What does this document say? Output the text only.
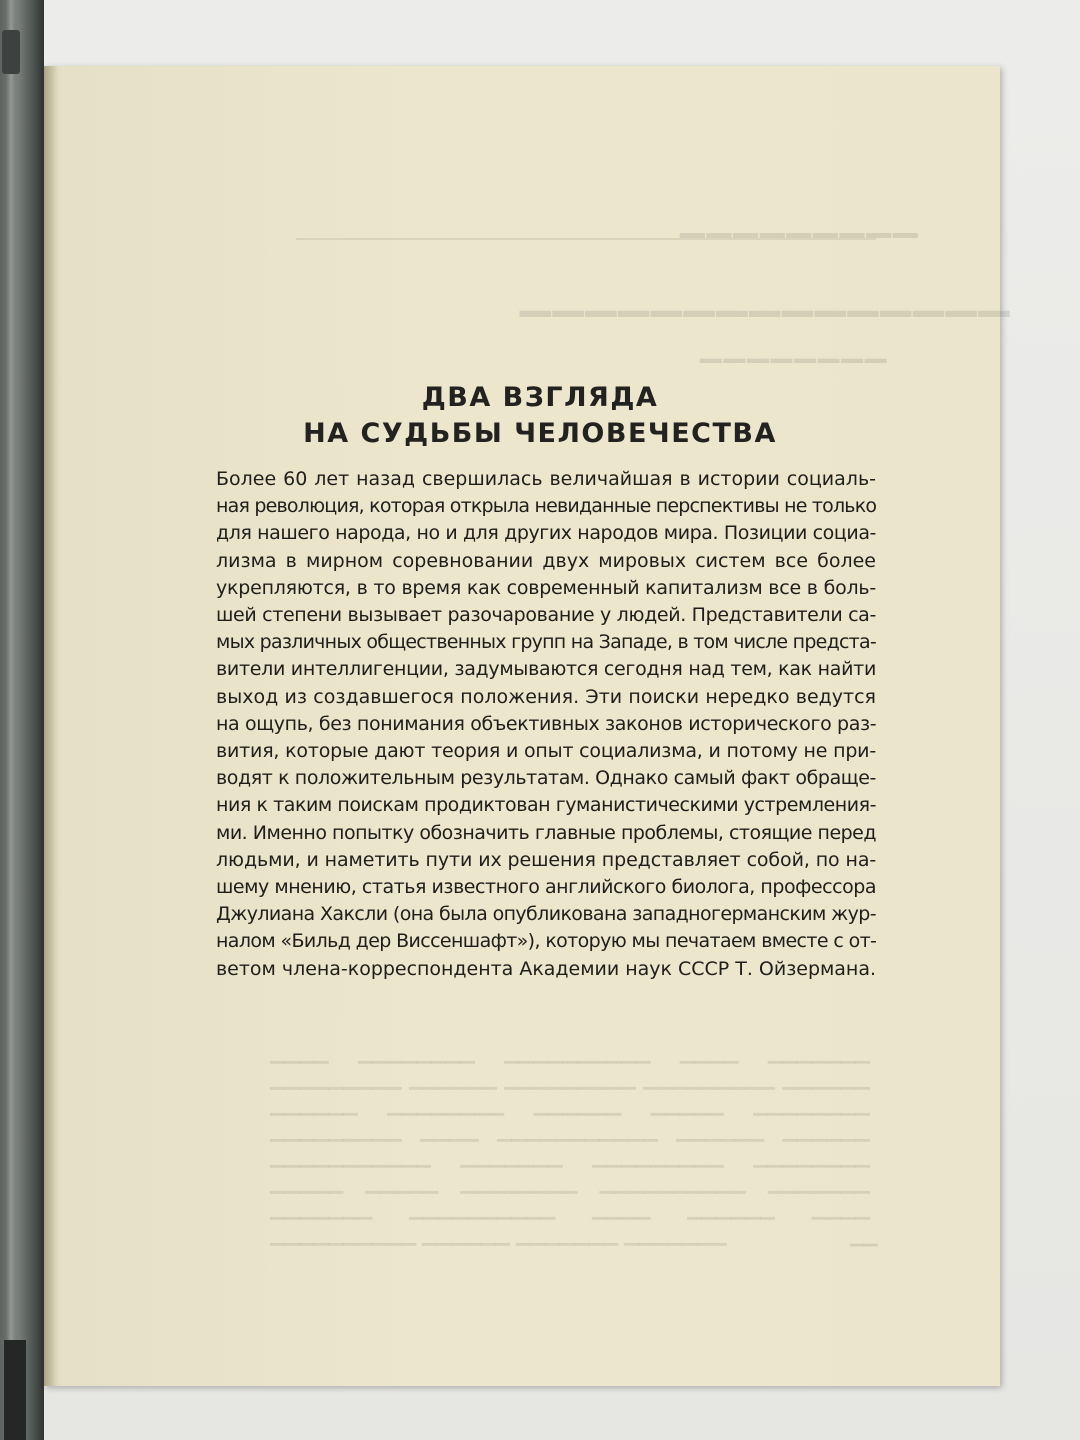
▁▁▁▁▁▁▁▁▁
▁▁▁▁▁▁▁▁▁▁▁▁▁▁▁
▁▁▁▁▁▁▁▁
▁▁▁▁ ▁▁▁▁▁▁▁▁ ▁▁▁▁▁▁▁▁▁▁ ▁▁▁▁ ▁▁▁▁▁▁▁ ▁▁▁▁▁▁▁▁▁ ▁▁▁▁▁▁ ▁▁▁▁▁▁▁▁▁ ▁▁▁▁▁▁▁▁▁ ▁▁▁▁▁▁ ▁▁▁▁▁▁ ▁▁▁▁▁▁▁▁ ▁▁▁▁▁▁ ▁▁▁▁▁ ▁▁▁▁▁▁▁▁ ▁▁▁▁▁▁▁▁▁ ▁▁▁▁ ▁▁▁▁▁▁▁▁▁▁▁ ▁▁▁▁▁▁ ▁▁▁▁▁▁ ▁▁▁▁▁▁▁▁▁▁▁ ▁▁▁▁▁▁▁ ▁▁▁▁▁▁▁▁▁ ▁▁▁▁▁▁▁▁ ▁▁▁▁▁ ▁▁▁▁▁ ▁▁▁▁▁▁▁▁ ▁▁▁▁▁▁▁▁▁▁ ▁▁▁▁▁▁▁ ▁▁▁▁▁▁▁ ▁▁▁▁▁▁▁▁▁▁ ▁▁▁▁ ▁▁▁▁▁▁ ▁▁▁▁ ▁▁▁▁▁▁▁▁▁▁ ▁▁▁▁▁▁ ▁▁▁▁▁▁▁ ▁▁▁▁▁▁▁	▁▁
ДВА ВЗГЛЯДА
НА СУДЬБЫ ЧЕЛОВЕЧЕСТВА
Более 60 лет назад свершилась величайшая в истории социаль-
ная революция, которая открыла невиданные перспективы не только
для нашего народа, но и для других народов мира. Позиции социа-
лизма в мирном соревновании двух мировых систем все более
укрепляются, в то время как современный капитализм все в боль-
шей степени вызывает разочарование у людей. Представители са-
мых различных общественных групп на Западе, в том числе предста-
вители интеллигенции, задумываются сегодня над тем, как найти
выход из создавшегося положения. Эти поиски нередко ведутся
на ощупь, без понимания объективных законов исторического раз-
вития, которые дают теория и опыт социализма, и потому не при-
водят к положительным результатам. Однако самый факт обраще-
ния к таким поискам продиктован гуманистическими устремления-
ми. Именно попытку обозначить главные проблемы, стоящие перед
людьми, и наметить пути их решения представляет собой, по на-
шему мнению, статья известного английского биолога, профессора
Джулиана Хаксли (она была опубликована западногерманским жур-
налом «Бильд дер Виссеншафт»), которую мы печатаем вместе с от-
ветом члена-корреспондента Академии наук СССР Т. Ойзермана.
